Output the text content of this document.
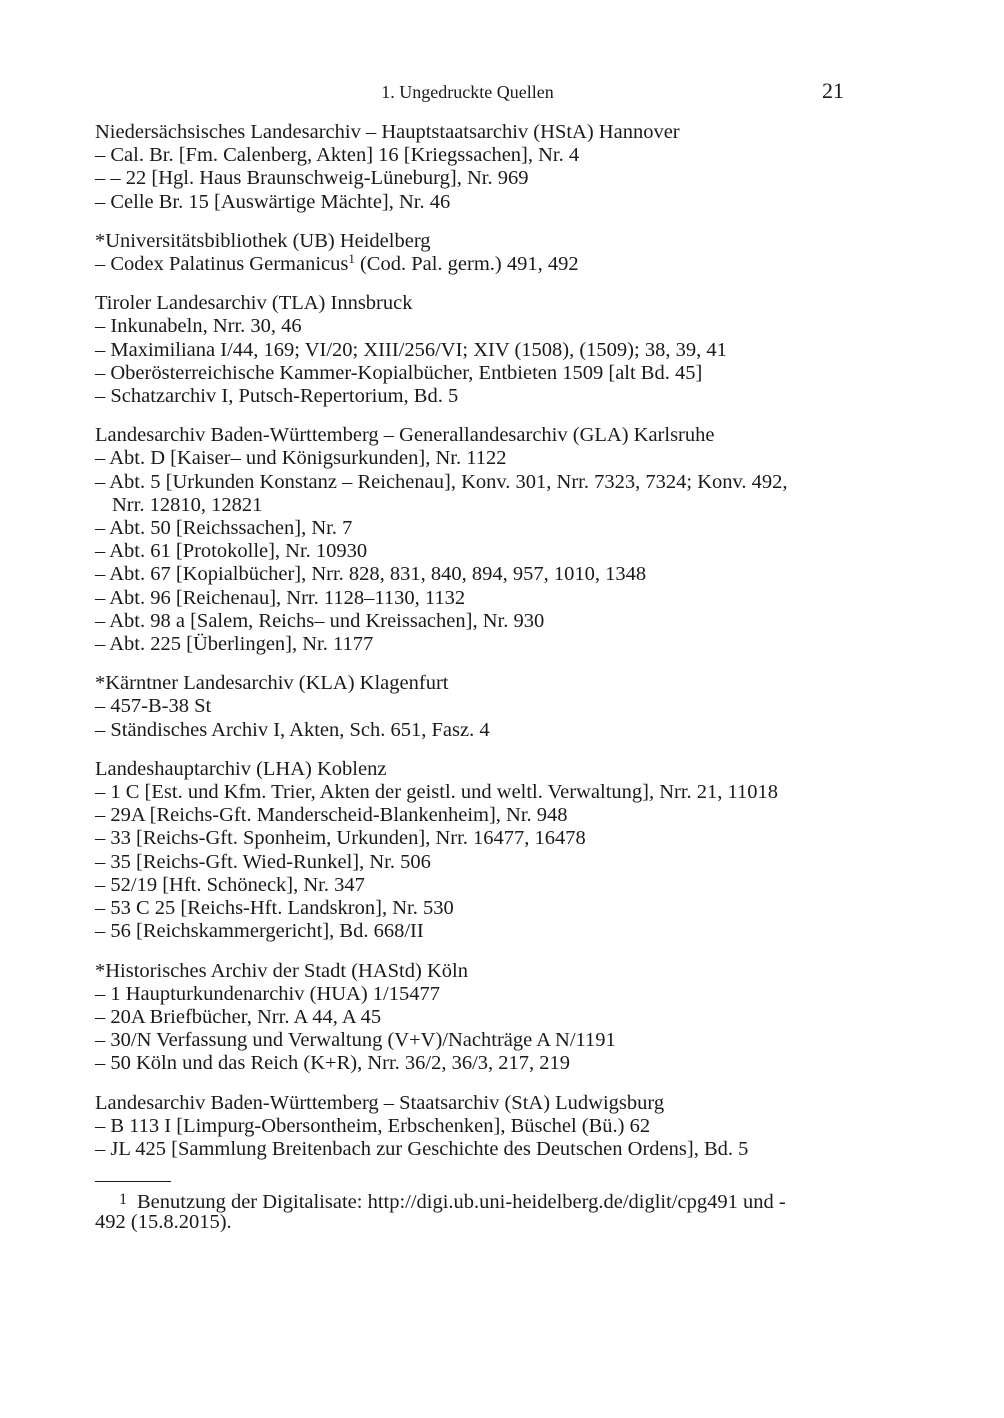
1. Ungedruckte Quellen	21
Niedersächsisches Landesarchiv – Hauptstaatsarchiv (HStA) Hannover
– Cal. Br. [Fm. Calenberg, Akten] 16 [Kriegssachen], Nr. 4
– – 22 [Hgl. Haus Braunschweig-Lüneburg], Nr. 969
– Celle Br. 15 [Auswärtige Mächte], Nr. 46
*Universitätsbibliothek (UB) Heidelberg
– Codex Palatinus Germanicus$^1$ (Cod. Pal. germ.) 491, 492
Tiroler Landesarchiv (TLA) Innsbruck
– Inkunabeln, Nrr. 30, 46
– Maximiliana I/44, 169; VI/20; XIII/256/VI; XIV (1508), (1509); 38, 39, 41
– Oberösterreichische Kammer-Kopialbücher, Entbieten 1509 [alt Bd. 45]
– Schatzarchiv I, Putsch-Repertorium, Bd. 5
Landesarchiv Baden-Württemberg – Generallandesarchiv (GLA) Karlsruhe
– Abt. D [Kaiser– und Königsurkunden], Nr. 1122
– Abt. 5 [Urkunden Konstanz – Reichenau], Konv. 301, Nrr. 7323, 7324; Konv. 492,
Nrr. 12810, 12821
– Abt. 50 [Reichssachen], Nr. 7
– Abt. 61 [Protokolle], Nr. 10930
– Abt. 67 [Kopialbücher], Nrr. 828, 831, 840, 894, 957, 1010, 1348
– Abt. 96 [Reichenau], Nrr. 1128–1130, 1132
– Abt. 98 a [Salem, Reichs– und Kreissachen], Nr. 930
– Abt. 225 [Überlingen], Nr. 1177
*Kärntner Landesarchiv (KLA) Klagenfurt
– 457-B-38 St
– Ständisches Archiv I, Akten, Sch. 651, Fasz. 4
Landeshauptarchiv (LHA) Koblenz
– 1 C [Est. und Kfm. Trier, Akten der geistl. und weltl. Verwaltung], Nrr. 21, 11018
– 29A [Reichs-Gft. Manderscheid-Blankenheim], Nr. 948
– 33 [Reichs-Gft. Sponheim, Urkunden], Nrr. 16477, 16478
– 35 [Reichs-Gft. Wied-Runkel], Nr. 506
– 52/19 [Hft. Schöneck], Nr. 347
– 53 C 25 [Reichs-Hft. Landskron], Nr. 530
– 56 [Reichskammergericht], Bd. 668/II
*Historisches Archiv der Stadt (HAStd) Köln
– 1 Haupturkundenarchiv (HUA) 1/15477
– 20A Briefbücher, Nrr. A 44, A 45
– 30/N Verfassung und Verwaltung (V+V)/Nachträge A N/1191
– 50 Köln und das Reich (K+R), Nrr. 36/2, 36/3, 217, 219
Landesarchiv Baden-Württemberg – Staatsarchiv (StA) Ludwigsburg
– B 113 I [Limpurg-Obersontheim, Erbschenken], Büschel (Bü.) 62
– JL 425 [Sammlung Breitenbach zur Geschichte des Deutschen Ordens], Bd. 5
1 Benutzung der Digitalisate: http://digi.ub.uni-heidelberg.de/diglit/cpg491 und -
492 (15.8.2015).
